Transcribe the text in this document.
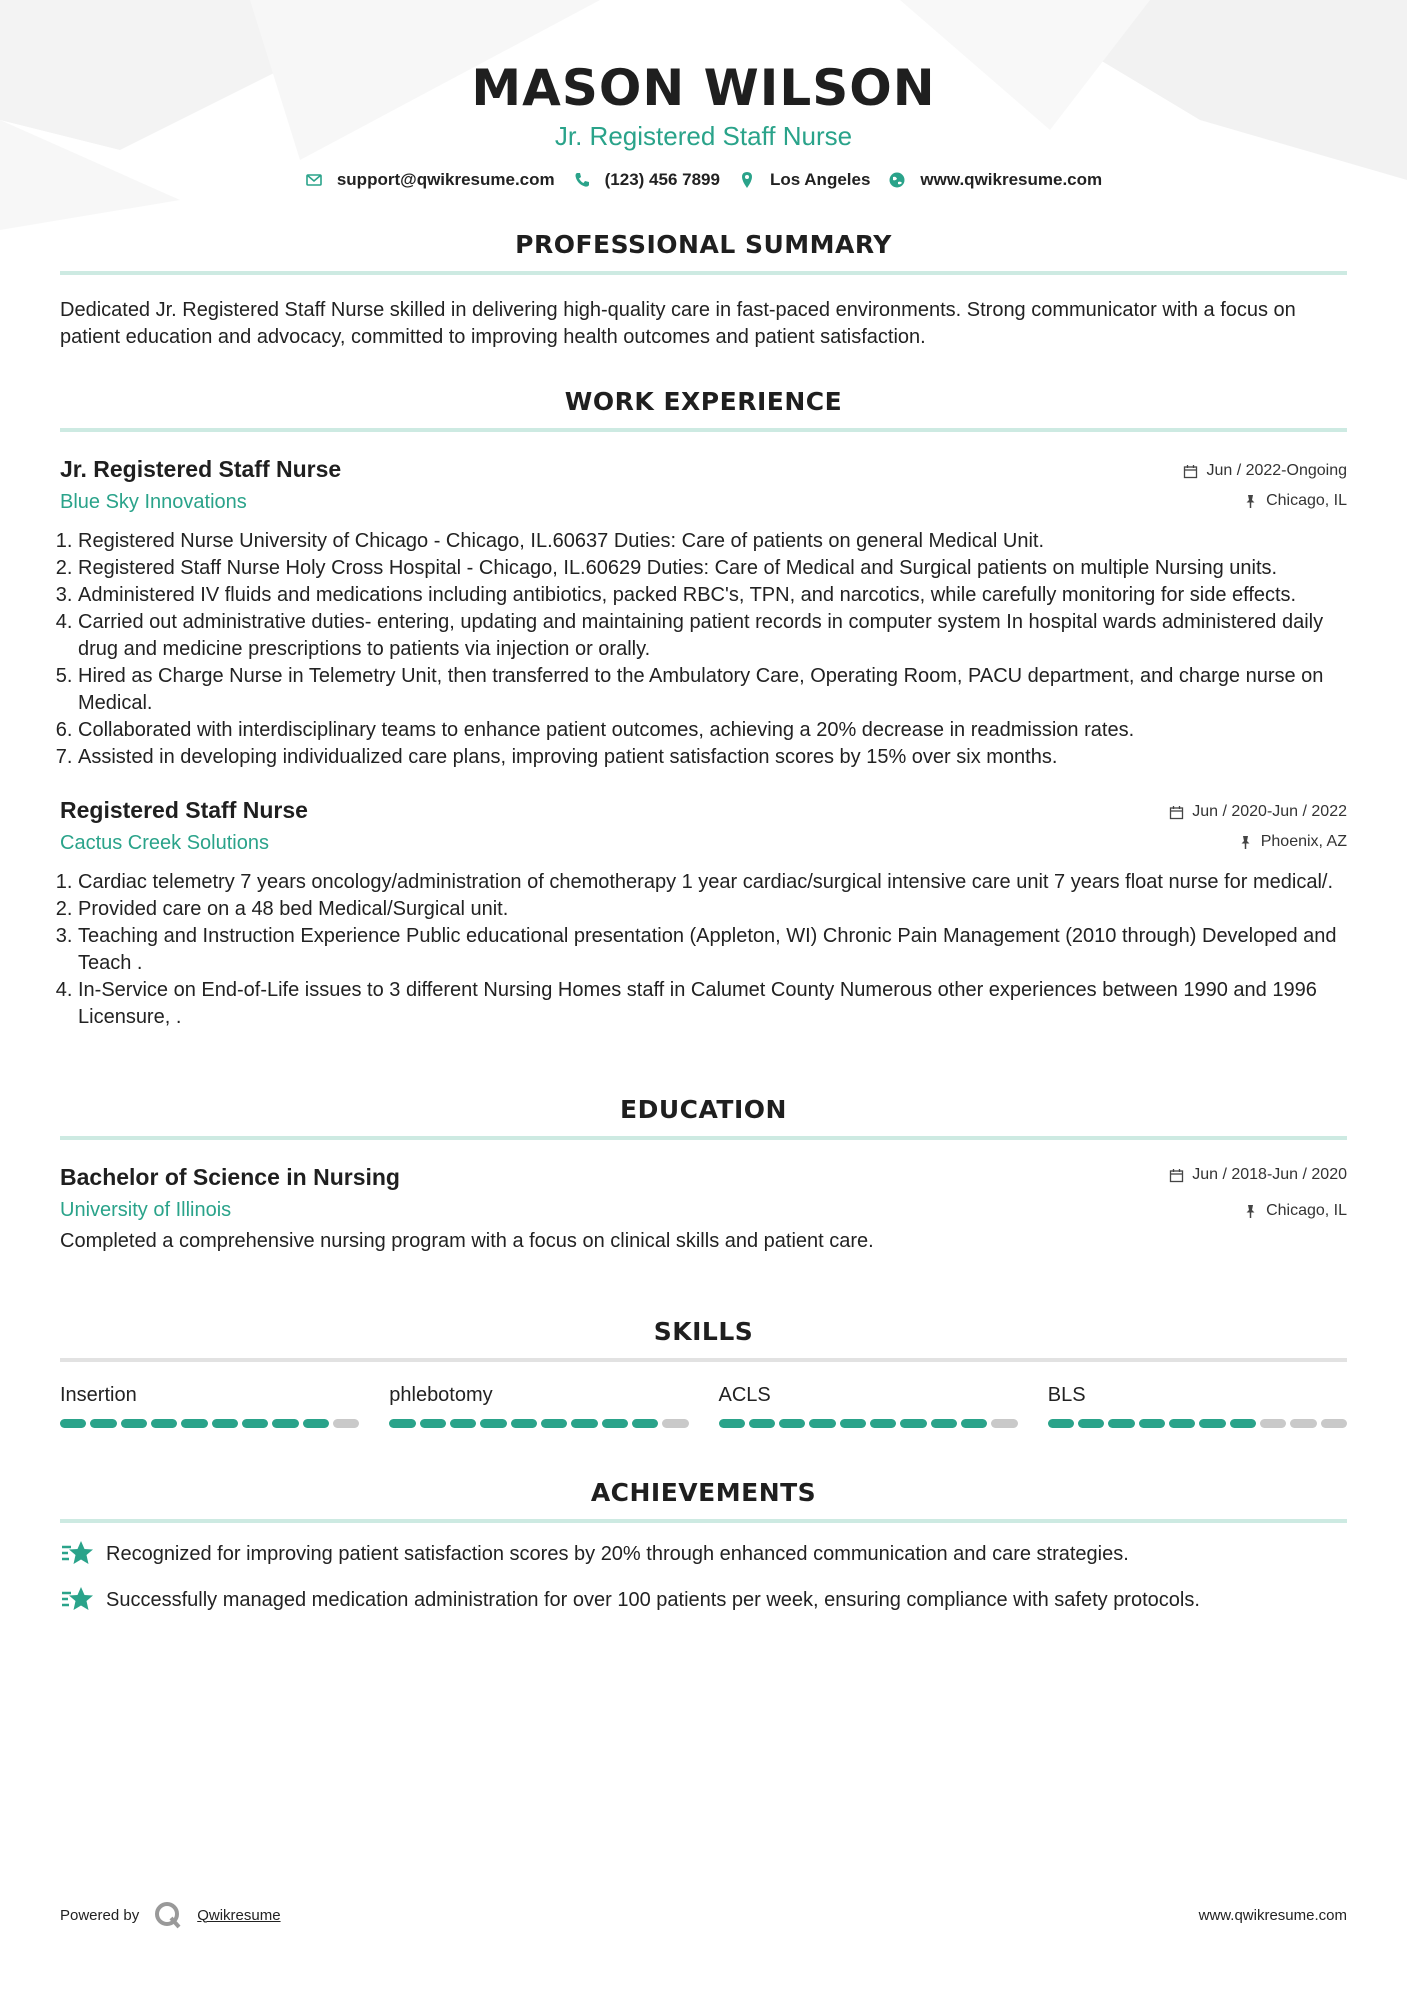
MASON WILSON
Jr. Registered Staff Nurse
support@qwikresume.com	(123) 456 7899	Los Angeles	www.qwikresume.com
PROFESSIONAL SUMMARY
Dedicated Jr. Registered Staff Nurse skilled in delivering high-quality care in fast-paced environments. Strong communicator with a focus on patient education and advocacy, committed to improving health outcomes and patient satisfaction.
WORK EXPERIENCE
Jr. Registered Staff Nurse
Blue Sky Innovations
Jun / 2022-Ongoing
Chicago, IL
1. Registered Nurse University of Chicago - Chicago, IL.60637 Duties: Care of patients on general Medical Unit.
2. Registered Staff Nurse Holy Cross Hospital - Chicago, IL.60629 Duties: Care of Medical and Surgical patients on multiple Nursing units.
3. Administered IV fluids and medications including antibiotics, packed RBC's, TPN, and narcotics, while carefully monitoring for side effects.
4. Carried out administrative duties- entering, updating and maintaining patient records in computer system In hospital wards administered daily drug and medicine prescriptions to patients via injection or orally.
5. Hired as Charge Nurse in Telemetry Unit, then transferred to the Ambulatory Care, Operating Room, PACU department, and charge nurse on Medical.
6. Collaborated with interdisciplinary teams to enhance patient outcomes, achieving a 20% decrease in readmission rates.
7. Assisted in developing individualized care plans, improving patient satisfaction scores by 15% over six months.
Registered Staff Nurse
Cactus Creek Solutions
Jun / 2020-Jun / 2022
Phoenix, AZ
1. Cardiac telemetry 7 years oncology/administration of chemotherapy 1 year cardiac/surgical intensive care unit 7 years float nurse for medical/.
2. Provided care on a 48 bed Medical/Surgical unit.
3. Teaching and Instruction Experience Public educational presentation (Appleton, WI) Chronic Pain Management (2010 through) Developed and Teach .
4. In-Service on End-of-Life issues to 3 different Nursing Homes staff in Calumet County Numerous other experiences between 1990 and 1996 Licensure, .
EDUCATION
Bachelor of Science in Nursing
University of Illinois
Jun / 2018-Jun / 2020
Chicago, IL
Completed a comprehensive nursing program with a focus on clinical skills and patient care.
SKILLS
Insertion	phlebotomy	ACLS	BLS
ACHIEVEMENTS
Recognized for improving patient satisfaction scores by 20% through enhanced communication and care strategies.
Successfully managed medication administration for over 100 patients per week, ensuring compliance with safety protocols.
Powered by	Qwikresume	www.qwikresume.com
